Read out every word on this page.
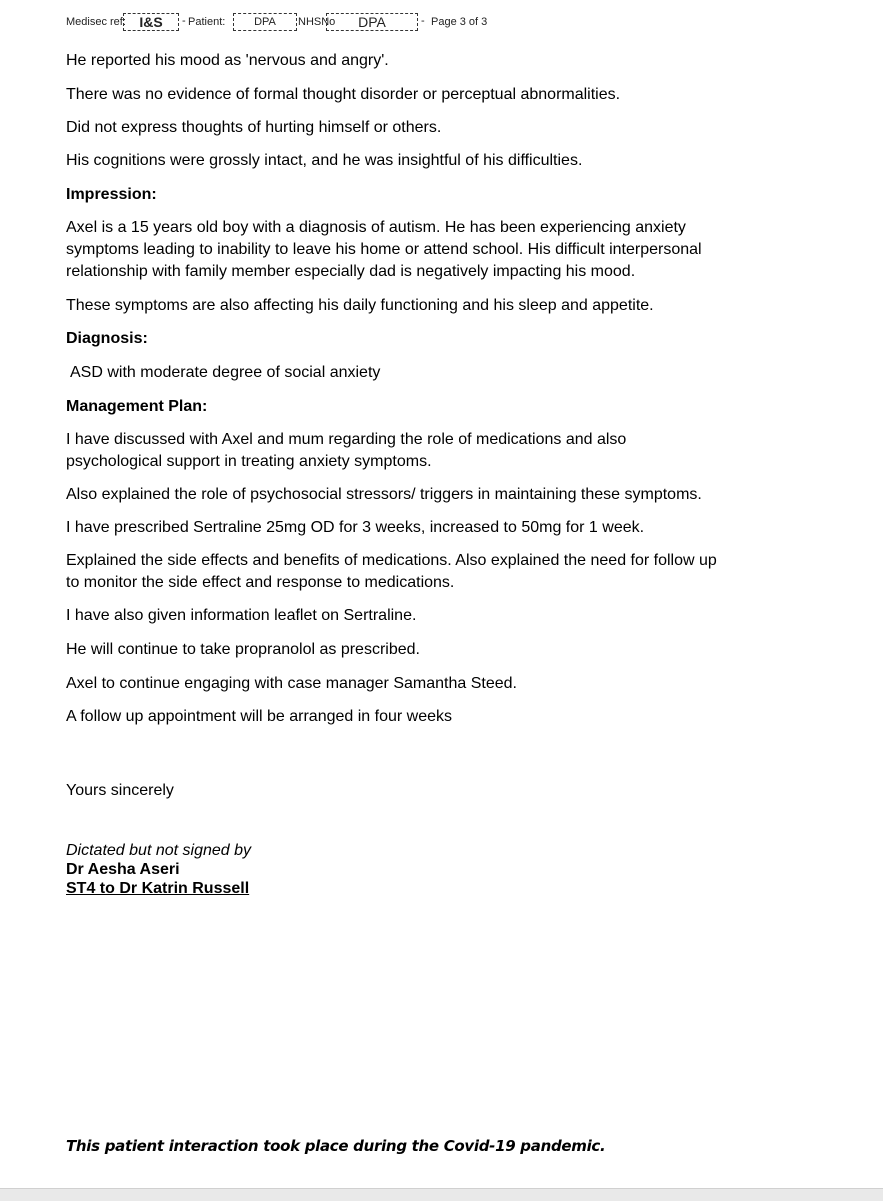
Medisec ref: I&S	- Patient:	DPA	NHSNo	DPA	- Page 3 of 3

He reported his mood as 'nervous and angry'.

There was no evidence of formal thought disorder or perceptual abnormalities.

Did not express thoughts of hurting himself or others.

His cognitions were grossly intact, and he was insightful of his difficulties.

Impression:

Axel is a 15 years old boy with a diagnosis of autism. He has been experiencing anxiety

symptoms leading to inability to leave his home or attend school. His difficult interpersonal

relationship with family member especially dad is negatively impacting his mood.

These symptoms are also affecting his daily functioning and his sleep and appetite.

Diagnosis:

ASD with moderate degree of social anxiety

Management Plan:

I have discussed with Axel and mum regarding the role of medications and also

psychological support in treating anxiety symptoms.

Also explained the role of psychosocial stressors/ triggers in maintaining these symptoms.

I have prescribed Sertraline 25mg OD for 3 weeks, increased to 50mg for 1 week.

Explained the side effects and benefits of medications. Also explained the need for follow up

to monitor the side effect and response to medications.

I have also given information leaflet on Sertraline.

He will continue to take propranolol as prescribed.

Axel to continue engaging with case manager Samantha Steed.

A follow up appointment will be arranged in four weeks

Yours sincerely

Dictated but not signed by
Dr Aesha Aseri
ST4 to Dr Katrin Russell
This patient interaction took place during the Covid-19 pandemic.
